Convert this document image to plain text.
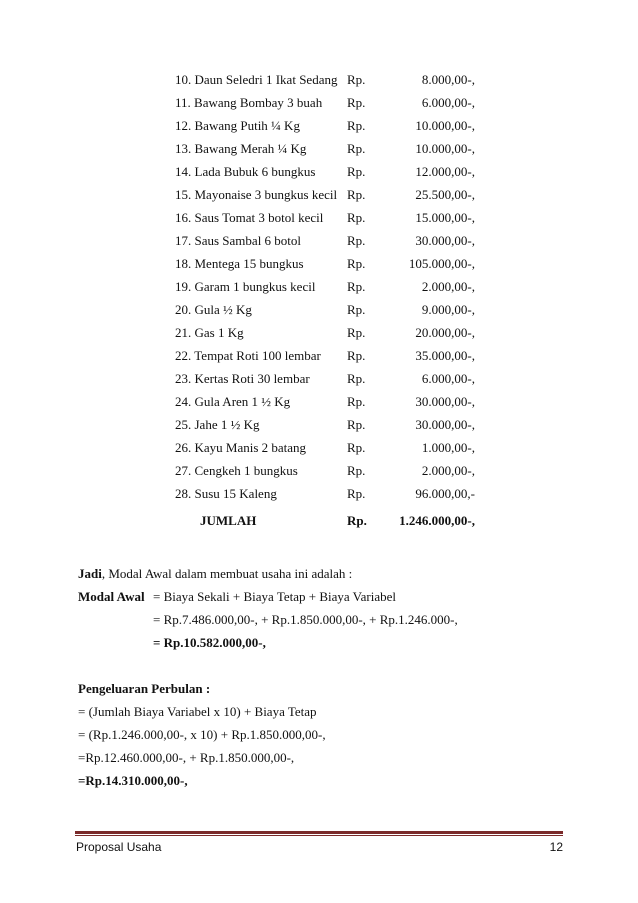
10. Daun Seledri 1 Ikat Sedang Rp.	8.000,00-,
11. Bawang Bombay 3 buah Rp.	6.000,00-,
12. Bawang Putih ¼ Kg	Rp.	10.000,00-,
13. Bawang Merah ¼ Kg	Rp.	10.000,00-,
14. Lada Bubuk 6 bungkus Rp.	12.000,00-,
15. Mayonaise 3 bungkus kecil Rp.	25.500,00-,
16. Saus Tomat 3 botol kecil Rp.	15.000,00-,
17. Saus Sambal 6 botol	Rp.	30.000,00-,
18. Mentega 15 bungkus	Rp.	105.000,00-,
19. Garam 1 bungkus kecil Rp.	2.000,00-,
20. Gula ½ Kg	Rp.	9.000,00-,
21. Gas 1 Kg	Rp.	20.000,00-,
22. Tempat Roti 100 lembar Rp.	35.000,00-,
23. Kertas Roti 30 lembar	Rp.	6.000,00-,
24. Gula Aren 1 ½ Kg	Rp.	30.000,00-,
25. Jahe 1 ½ Kg	Rp.	30.000,00-,
26. Kayu Manis 2 batang	Rp.	1.000,00-,
27. Cengkeh 1 bungkus	Rp.	2.000,00-,
28. Susu 15 Kaleng	Rp.	96.000,00,-
JUMLAH	Rp. 1.246.000,00-,
Jadi, Modal Awal dalam membuat usaha ini adalah :
Modal Awal = Biaya Sekali + Biaya Tetap + Biaya Variabel
= Rp.7.486.000,00-, + Rp.1.850.000,00-, + Rp.1.246.000-,
= Rp.10.582.000,00-,
Pengeluaran Perbulan :
= (Jumlah Biaya Variabel x 10) + Biaya Tetap
= (Rp.1.246.000,00-, x 10) + Rp.1.850.000,00-,
=Rp.12.460.000,00-, + Rp.1.850.000,00-,
=Rp.14.310.000,00-,
Proposal Usaha	12
